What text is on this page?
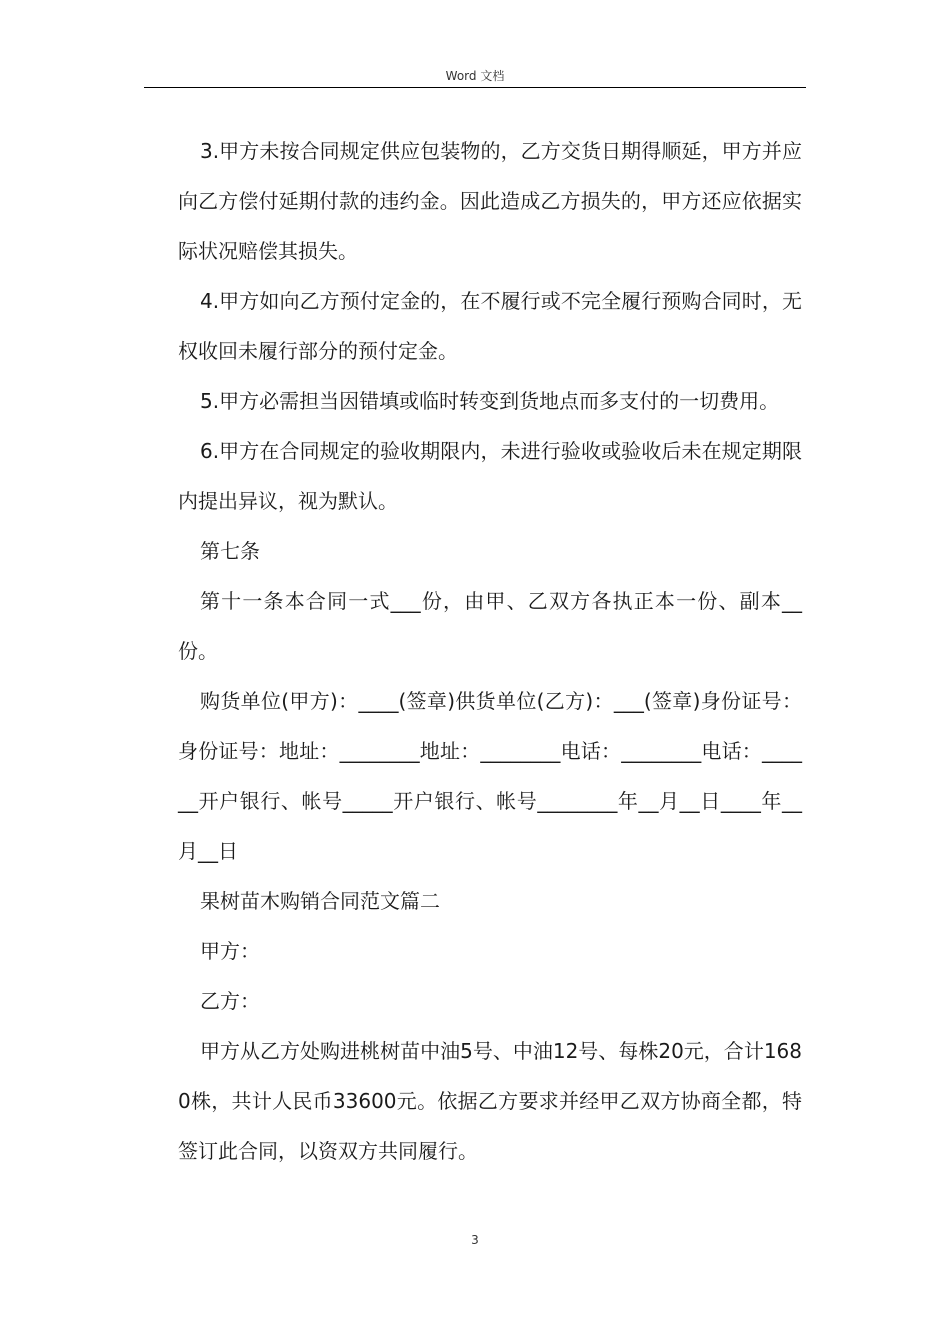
Word 文档

3.甲方未按合同规定供应包装物的，乙方交货日期得顺延，甲方并应向乙方偿付延期付款的违约金。因此造成乙方损失的，甲方还应依据实际状况赔偿其损失。

4.甲方如向乙方预付定金的，在不履行或不完全履行预购合同时，无权收回未履行部分的预付定金。

5.甲方必需担当因错填或临时转变到货地点而多支付的一切费用。

6.甲方在合同规定的验收期限内，未进行验收或验收后未在规定期限内提出异议，视为默认。

第七条

第十一条本合同一式___份，由甲、乙双方各执正本一份、副本__份。

购货单位(甲方)：____(签章)供货单位(乙方)：___(签章)身份证号：身份证号：地址：________地址：________电话：________电话：______开户银行、帐号_____开户银行、帐号________年__月__日____年__月__日

果树苗木购销合同范文篇二

甲方：

乙方：

甲方从乙方处购进桃树苗中油5号、中油12号、每株20元，合计1680株，共计人民币33600元。依据乙方要求并经甲乙双方协商全都，特签订此合同，以资双方共同履行。

3
